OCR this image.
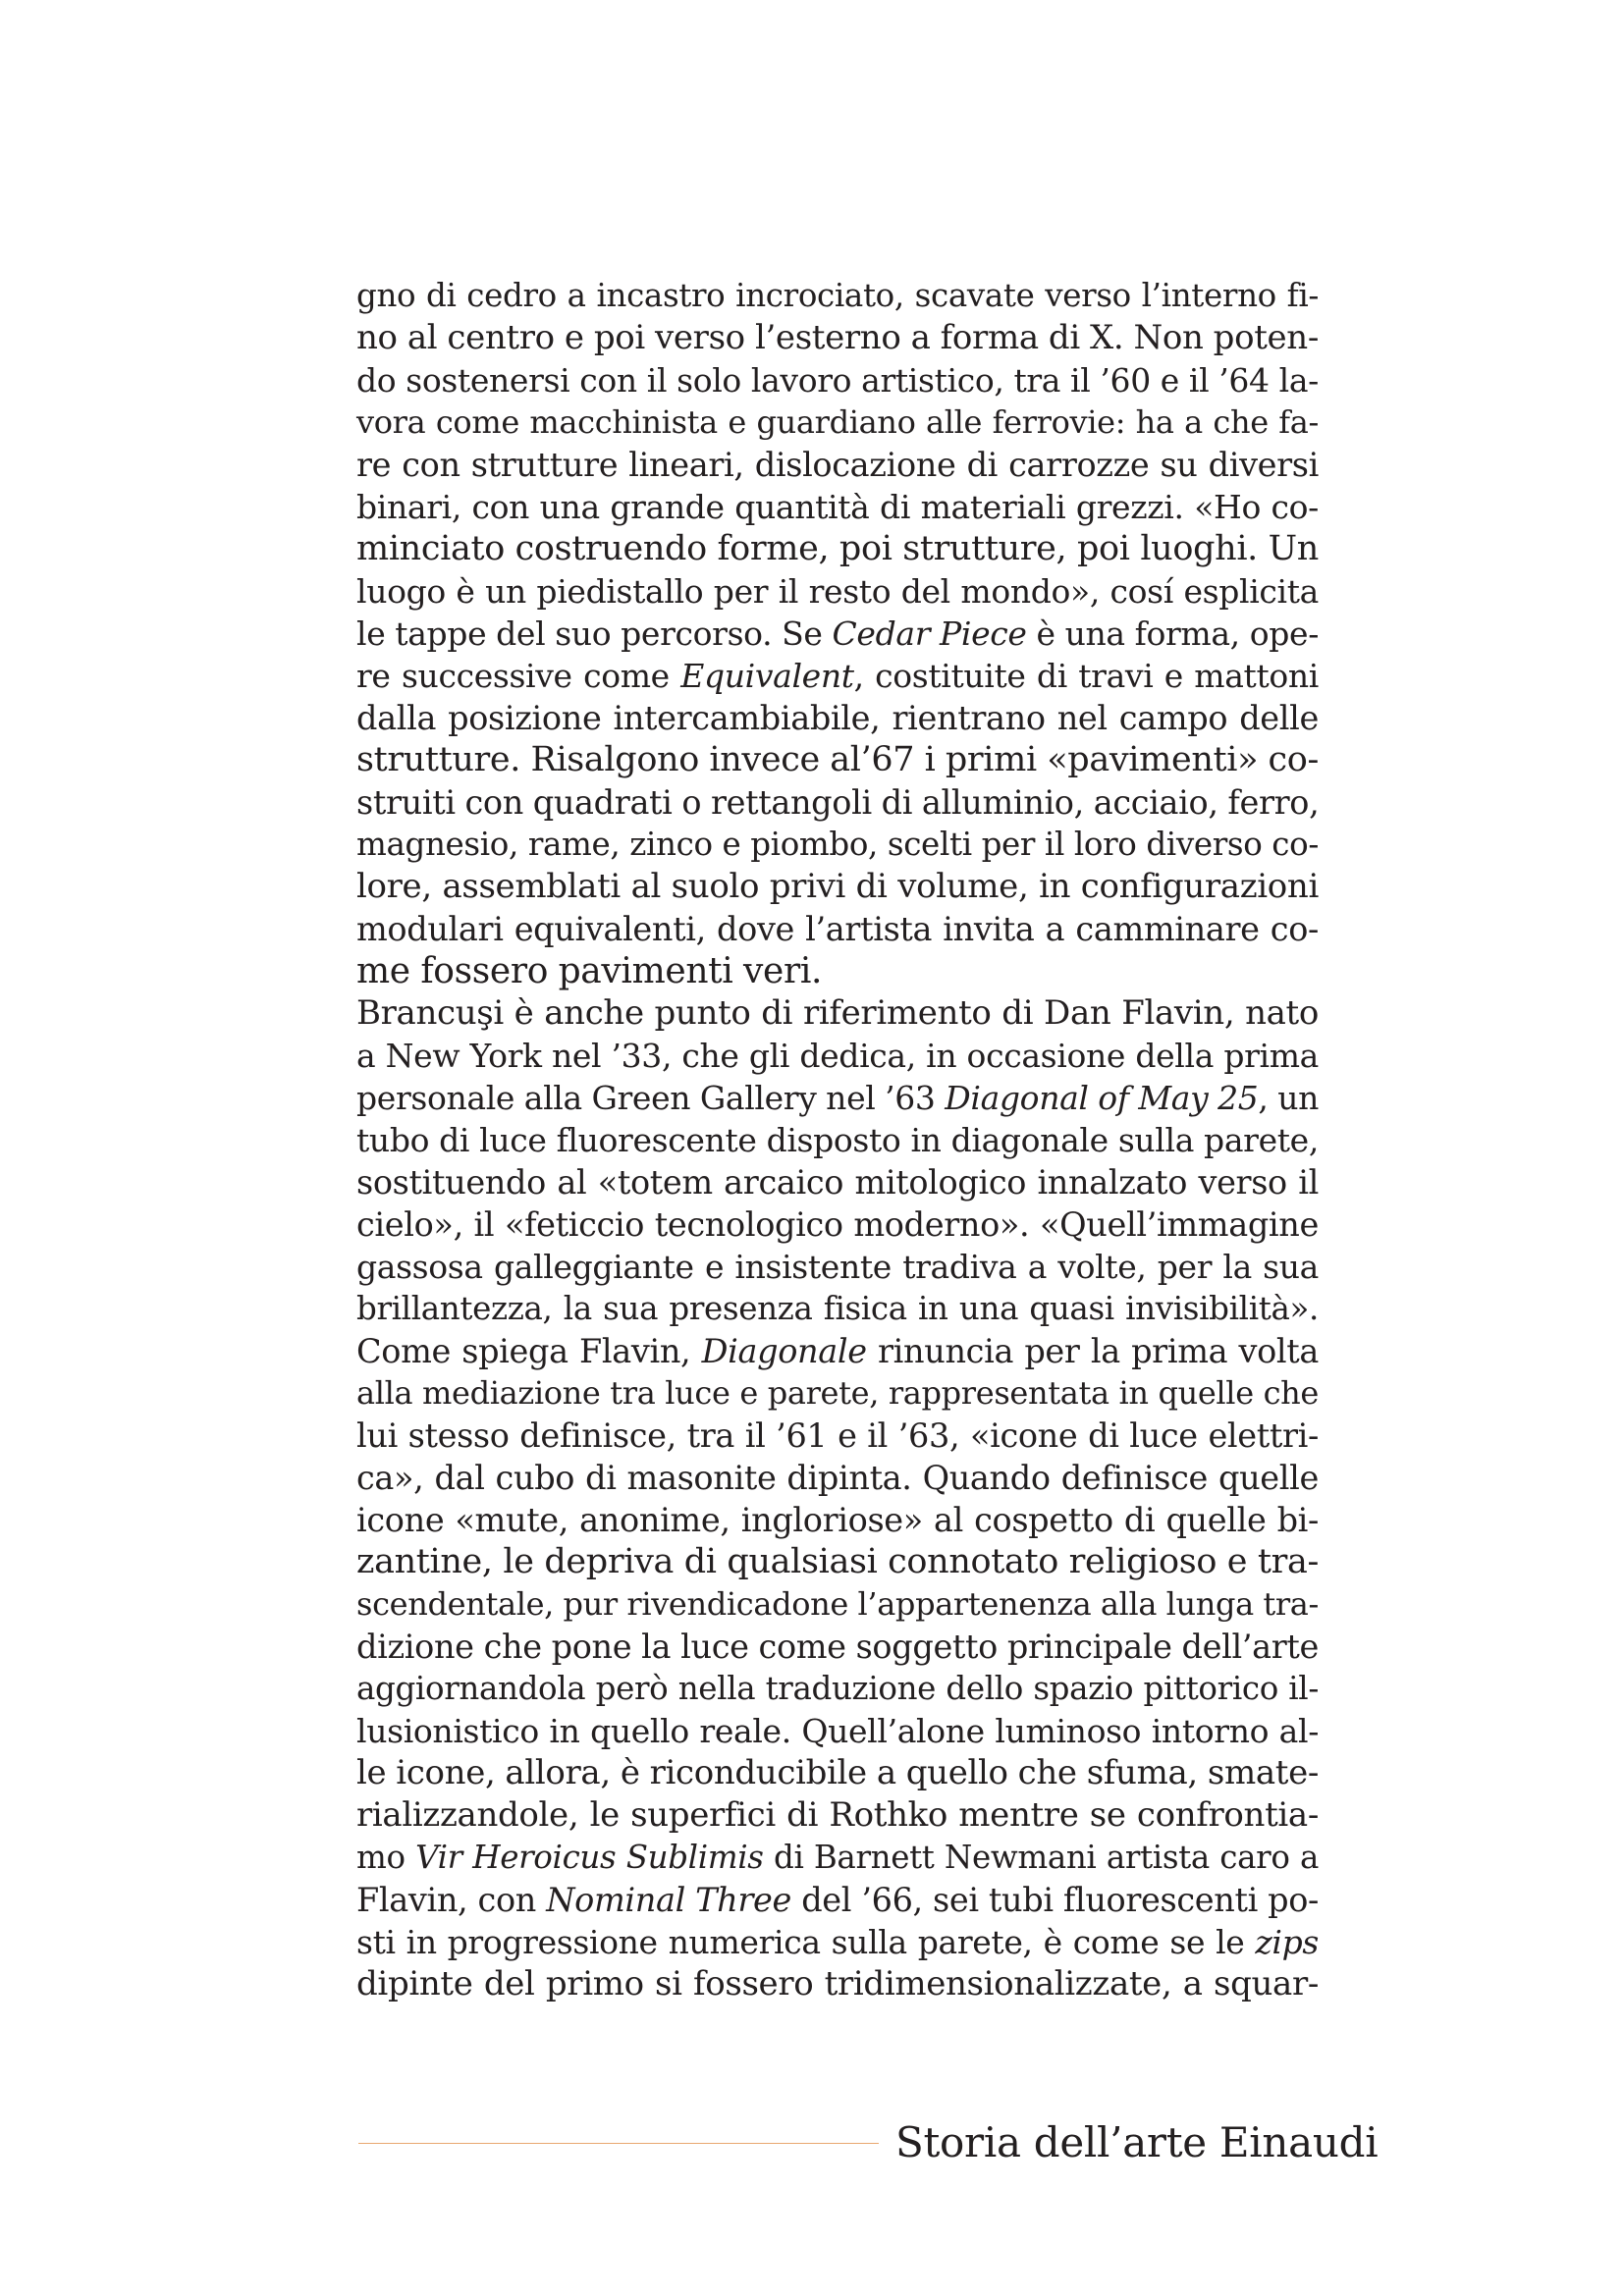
gno di cedro a incastro incrociato, scavate verso l’interno fi-
no al centro e poi verso l’esterno a forma di X. Non poten-
do sostenersi con il solo lavoro artistico, tra il ’60 e il ’64 la-
vora come macchinista e guardiano alle ferrovie: ha a che fa-
re con strutture lineari, dislocazione di carrozze su diversi
binari, con una grande quantità di materiali grezzi. «Ho co-
minciato costruendo forme, poi strutture, poi luoghi. Un
luogo è un piedistallo per il resto del mondo», cosí esplicita
le tappe del suo percorso. Se Cedar Piece è una forma, ope-
re successive come Equivalent, costituite di travi e mattoni
dalla posizione intercambiabile, rientrano nel campo delle
strutture. Risalgono invece al’67 i primi «pavimenti» co-
struiti con quadrati o rettangoli di alluminio, acciaio, ferro,
magnesio, rame, zinco e piombo, scelti per il loro diverso co-
lore, assemblati al suolo privi di volume, in configurazioni
modulari equivalenti, dove l’artista invita a camminare co-
me fossero pavimenti veri.
Brancuşi è anche punto di riferimento di Dan Flavin, nato
a New York nel ’33, che gli dedica, in occasione della prima
personale alla Green Gallery nel ’63 Diagonal of May 25, un
tubo di luce fluorescente disposto in diagonale sulla parete,
sostituendo al «totem arcaico mitologico innalzato verso il
cielo», il «feticcio tecnologico moderno». «Quell’immagine
gassosa galleggiante e insistente tradiva a volte, per la sua
brillantezza, la sua presenza fisica in una quasi invisibilità».
Come spiega Flavin, Diagonale rinuncia per la prima volta
alla mediazione tra luce e parete, rappresentata in quelle che
lui stesso definisce, tra il ’61 e il ’63, «icone di luce elettri-
ca», dal cubo di masonite dipinta. Quando definisce quelle
icone «mute, anonime, ingloriose» al cospetto di quelle bi-
zantine, le depriva di qualsiasi connotato religioso e tra-
scendentale, pur rivendicadone l’appartenenza alla lunga tra-
dizione che pone la luce come soggetto principale dell’arte
aggiornandola però nella traduzione dello spazio pittorico il-
lusionistico in quello reale. Quell’alone luminoso intorno al-
le icone, allora, è riconducibile a quello che sfuma, smate-
rializzandole, le superfici di Rothko mentre se confrontia-
mo Vir Heroicus Sublimis di Barnett Newmani artista caro a
Flavin, con Nominal Three del ’66, sei tubi fluorescenti po-
sti in progressione numerica sulla parete, è come se le zips
dipinte del primo si fossero tridimensionalizzate, a squar-
Storia dell’arte Einaudi
